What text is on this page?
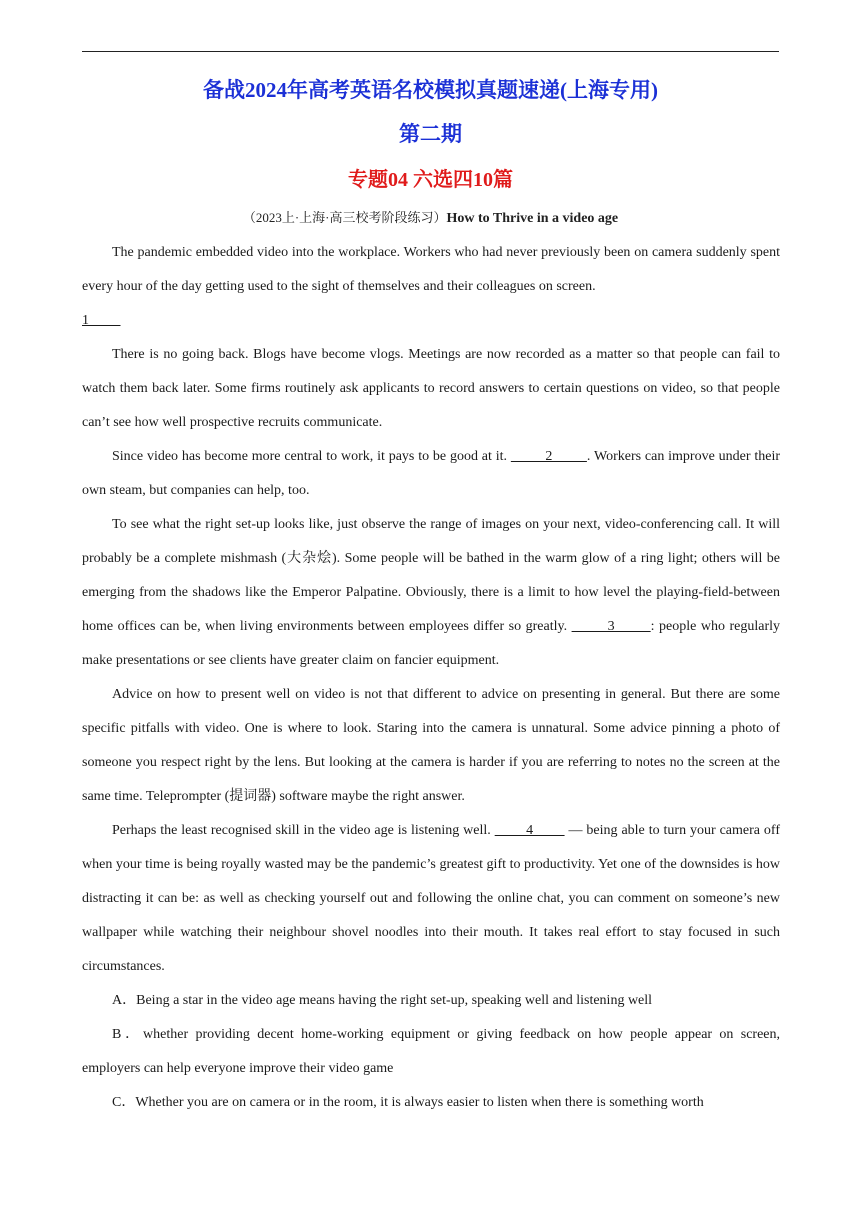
备战2024年高考英语名校模拟真题速递(上海专用)
第二期
专题04 六选四10篇
（2023上·上海·高三校考阶段练习）How to Thrive in a video age

The pandemic embedded video into the workplace. Workers who had never previously been on camera suddenly spent every hour of the day getting used to the sight of themselves and their colleagues on screen.

1

There is no going back. Blogs have become vlogs. Meetings are now recorded as a matter so that people can fail to watch them back later. Some firms routinely ask applicants to record answers to certain questions on video, so that people can’t see how well prospective recruits communicate.

Since video has become more central to work, it pays to be good at it.          2         . Workers can improve under their own steam, but companies can help, too.

To see what the right set-up looks like, just observe the range of images on your next, video-conferencing call. It will probably be a complete mishmash (大杂烩). Some people will be bathed in the warm glow of a ring light; others will be emerging from the shadows like the Emperor Palpatine. Obviously, there is a limit to how level the playing-field-between home offices can be, when living environments between employees differ so greatly.         3        : people who regularly make presentations or see clients have greater claim on fancier equipment.

Advice on how to present well on video is not that different to advice on presenting in general. But there are some specific pitfalls with video. One is where to look. Staring into the camera is unnatural. Some advice pinning a photo of someone you respect right by the lens. But looking at the camera is harder if you are referring to notes no the screen at the same time. Teleprompter (提词器) software maybe the right answer.

Perhaps the least recognised skill in the video age is listening well.         4         — being able to turn your camera off when your time is being royally wasted may be the pandemic’s greatest gift to productivity. Yet one of the downsides is how distracting it can be: as well as checking yourself out and following the online chat, you can comment on someone’s new wallpaper while watching their neighbour shovel noodles into their mouth. It takes real effort to stay focused in such circumstances.

A．Being a star in the video age means having the right set-up, speaking well and listening well

B．whether providing decent home-working equipment or giving feedback on how people appear on screen, employers can help everyone improve their video game

C．Whether you are on camera or in the room, it is always easier to listen when there is something worth
